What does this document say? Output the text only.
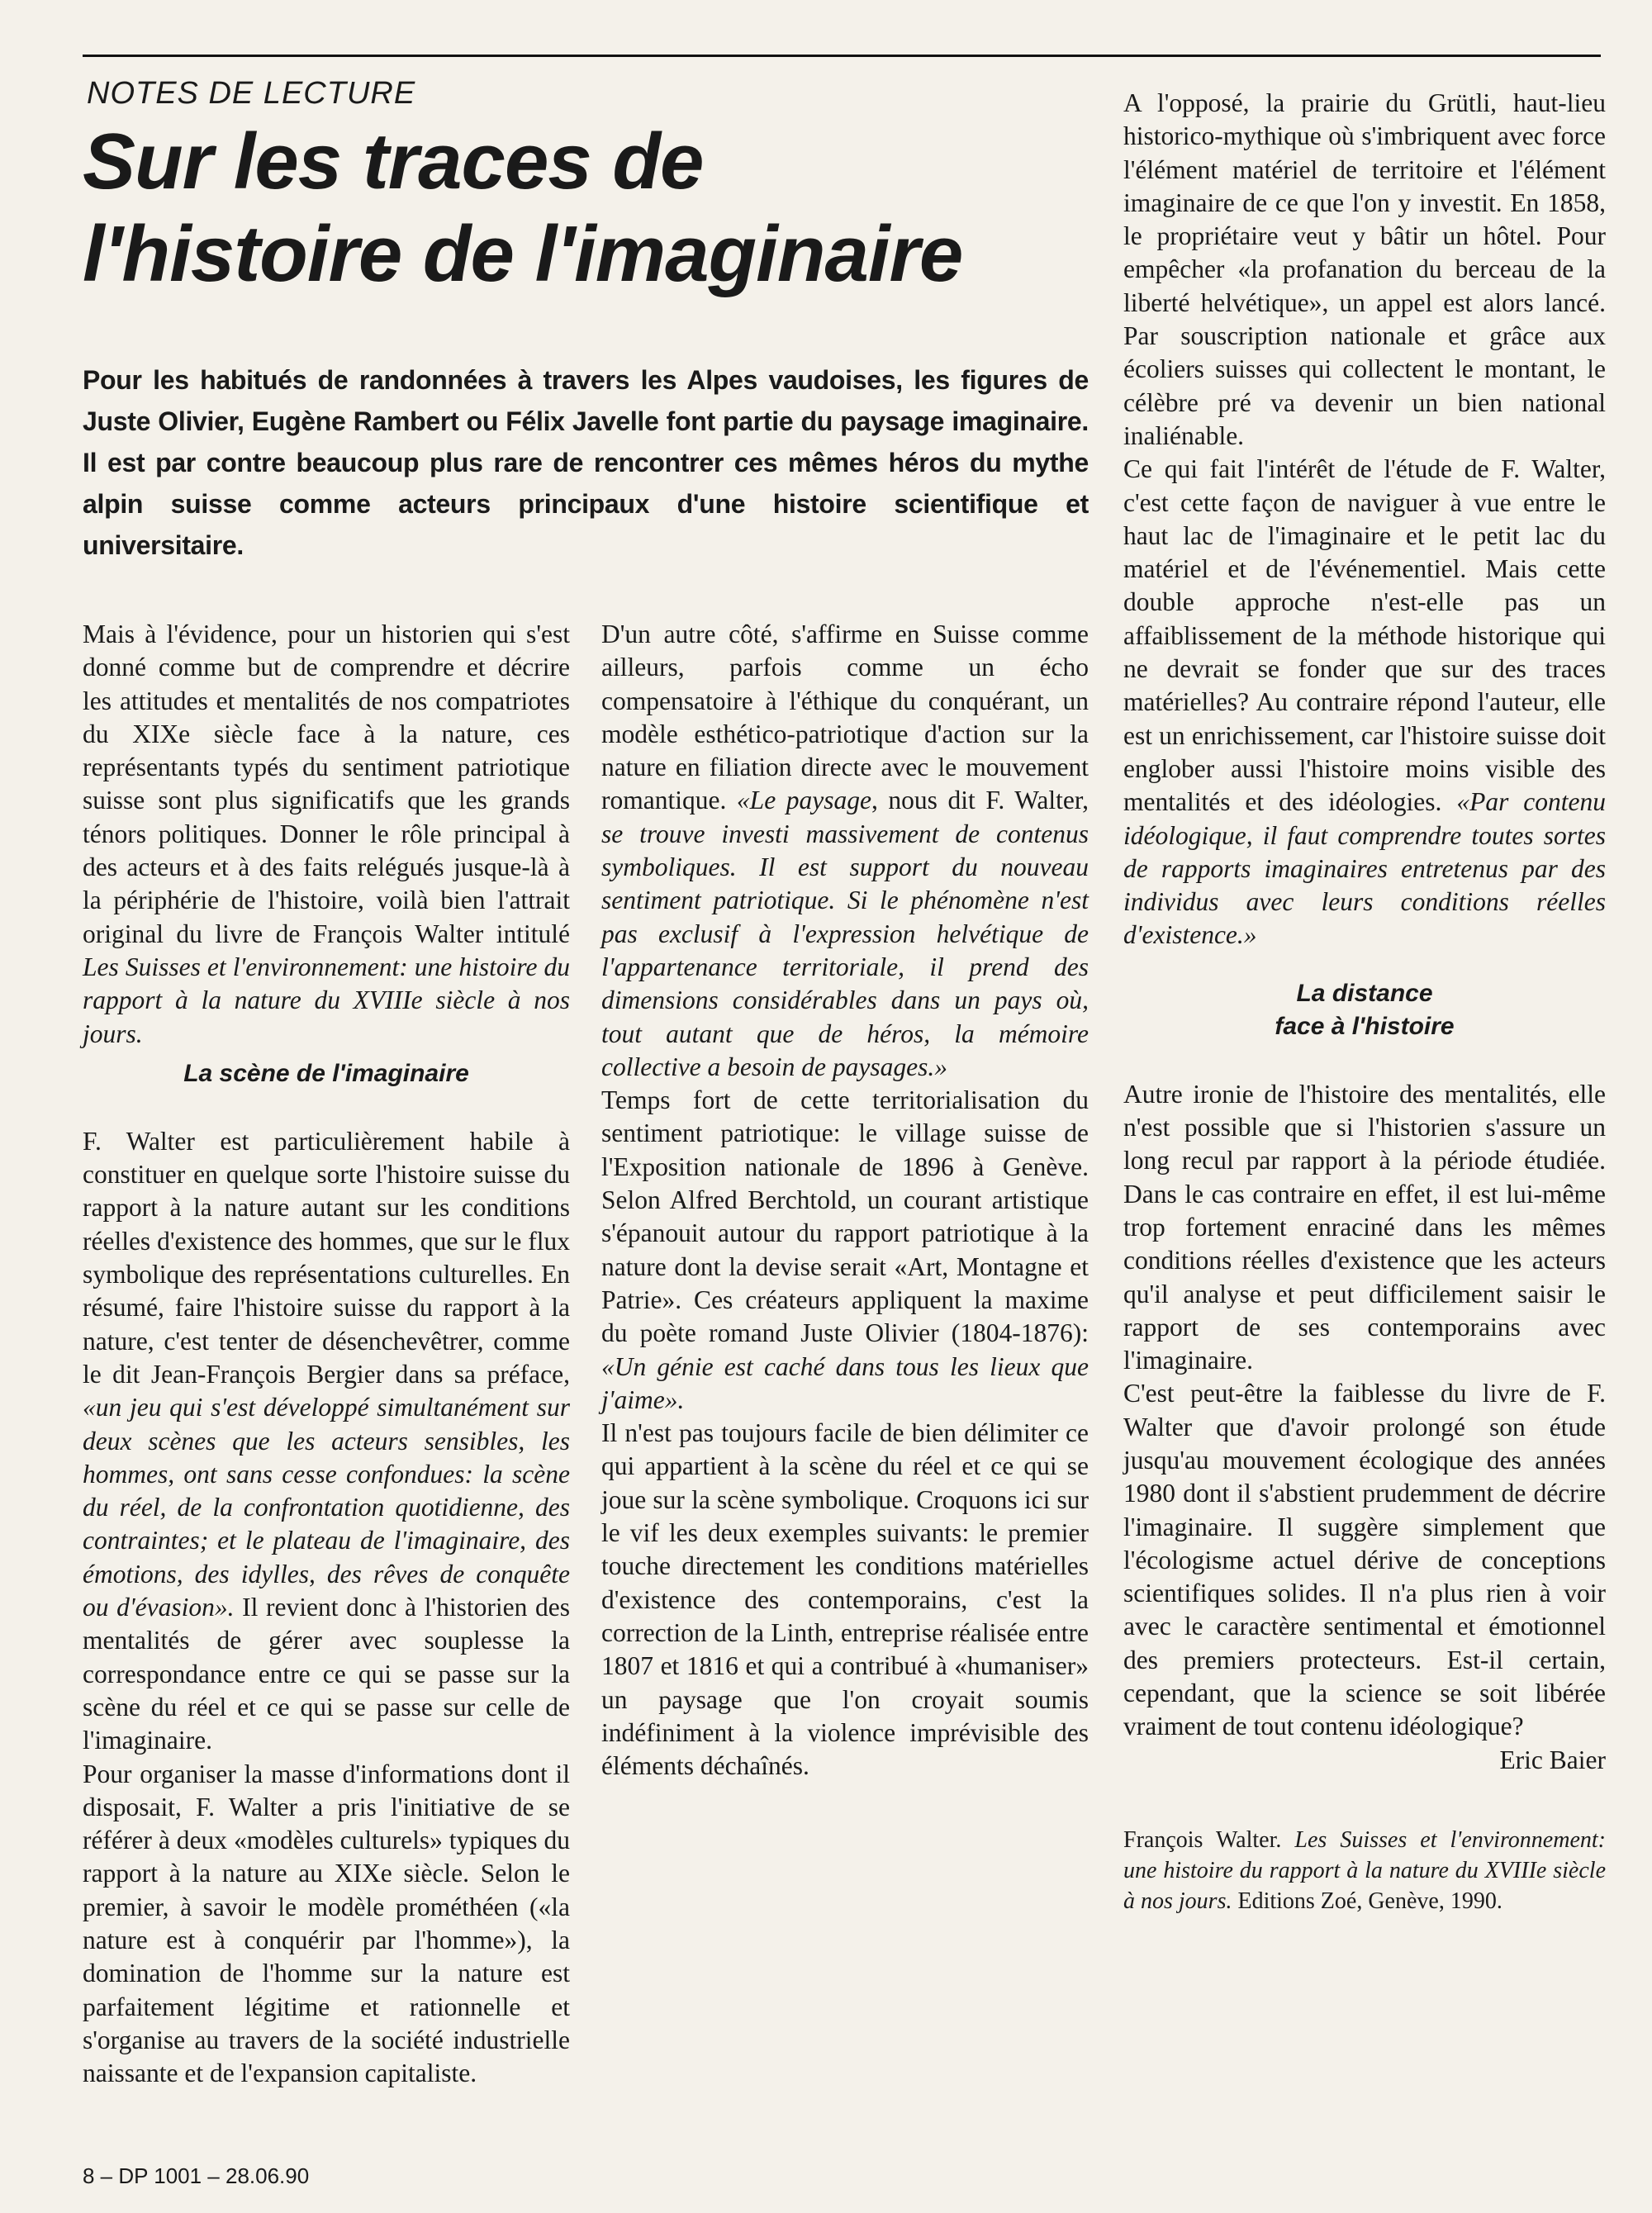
NOTES DE LECTURE
Sur les traces de
l'histoire de l'imaginaire
Pour les habitués de randonnées à travers les Alpes vaudoises, les figures de Juste Olivier, Eugène Rambert ou Félix Javelle font partie du paysage imaginaire. Il est par contre beaucoup plus rare de rencontrer ces mêmes héros du mythe alpin suisse comme acteurs principaux d'une histoire scientifique et universitaire.

Mais à l'évidence, pour un historien qui s'est donné comme but de comprendre et décrire les attitudes et mentalités de nos compatriotes du XIXe siècle face à la nature, ces représentants typés du sentiment patriotique suisse sont plus significatifs que les grands ténors politiques. Donner le rôle principal à des acteurs et à des faits relégués jusque-là à la périphérie de l'histoire, voilà bien l'attrait original du livre de François Walter intitulé Les Suisses et l'environnement: une histoire du rapport à la nature du XVIIIe siècle à nos jours.

La scène de l'imaginaire

F. Walter est particulièrement habile à constituer en quelque sorte l'histoire suisse du rapport à la nature autant sur les conditions réelles d'existence des hommes, que sur le flux symbolique des représentations culturelles. En résumé, faire l'histoire suisse du rapport à la nature, c'est tenter de désenchevêtrer, comme le dit Jean-François Bergier dans sa préface, «un jeu qui s'est développé simultanément sur deux scènes que les acteurs sensibles, les hommes, ont sans cesse confondues: la scène du réel, de la confrontation quotidienne, des contraintes; et le plateau de l'imaginaire, des émotions, des idylles, des rêves de conquête ou d'évasion». Il revient donc à l'historien des mentalités de gérer avec souplesse la correspondance entre ce qui se passe sur la scène du réel et ce qui se passe sur celle de l'imaginaire.

Pour organiser la masse d'informations dont il disposait, F. Walter a pris l'initiative de se référer à deux «modèles culturels» typiques du rapport à la nature au XIXe siècle. Selon le premier, à savoir le modèle prométhéen («la nature est à conquérir par l'homme»), la domination de l'homme sur la nature est parfaitement légitime et rationnelle et s'organise au travers de la société industrielle naissante et de l'expansion capitaliste.

D'un autre côté, s'affirme en Suisse comme ailleurs, parfois comme un écho compensatoire à l'éthique du conquérant, un modèle esthético-patriotique d'action sur la nature en filiation directe avec le mouvement romantique. «Le paysage, nous dit F. Walter, se trouve investi massivement de contenus symboliques. Il est support du nouveau sentiment patriotique. Si le phénomène n'est pas exclusif à l'expression helvétique de l'appartenance territoriale, il prend des dimensions considérables dans un pays où, tout autant que de héros, la mémoire collective a besoin de paysages.»

Temps fort de cette territorialisation du sentiment patriotique: le village suisse de l'Exposition nationale de 1896 à Genève. Selon Alfred Berchtold, un courant artistique s'épanouit autour du rapport patriotique à la nature dont la devise serait «Art, Montagne et Patrie». Ces créateurs appliquent la maxime du poète romand Juste Olivier (1804-1876): «Un génie est caché dans tous les lieux que j'aime».

Il n'est pas toujours facile de bien délimiter ce qui appartient à la scène du réel et ce qui se joue sur la scène symbolique. Croquons ici sur le vif les deux exemples suivants: le premier touche directement les conditions matérielles d'existence des contemporains, c'est la correction de la Linth, entreprise réalisée entre 1807 et 1816 et qui a contribué à «humaniser» un paysage que l'on croyait soumis indéfiniment à la violence imprévisible des éléments déchaînés.

A l'opposé, la prairie du Grütli, haut-lieu historico-mythique où s'imbriquent avec force l'élément matériel de territoire et l'élément imaginaire de ce que l'on y investit. En 1858, le propriétaire veut y bâtir un hôtel. Pour empêcher «la profanation du berceau de la liberté helvétique», un appel est alors lancé. Par souscription nationale et grâce aux écoliers suisses qui collectent le montant, le célèbre pré va devenir un bien national inaliénable.

Ce qui fait l'intérêt de l'étude de F. Walter, c'est cette façon de naviguer à vue entre le haut lac de l'imaginaire et le petit lac du matériel et de l'événementiel. Mais cette double approche n'est-elle pas un affaiblissement de la méthode historique qui ne devrait se fonder que sur des traces matérielles? Au contraire répond l'auteur, elle est un enrichissement, car l'histoire suisse doit englober aussi l'histoire moins visible des mentalités et des idéologies. «Par contenu idéologique, il faut comprendre toutes sortes de rapports imaginaires entretenus par des individus avec leurs conditions réelles d'existence.»

La distance
face à l'histoire

Autre ironie de l'histoire des mentalités, elle n'est possible que si l'historien s'assure un long recul par rapport à la période étudiée. Dans le cas contraire en effet, il est lui-même trop fortement enraciné dans les mêmes conditions réelles d'existence que les acteurs qu'il analyse et peut difficilement saisir le rapport de ses contemporains avec l'imaginaire.

C'est peut-être la faiblesse du livre de F. Walter que d'avoir prolongé son étude jusqu'au mouvement écologique des années 1980 dont il s'abstient prudemment de décrire l'imaginaire. Il suggère simplement que l'écologisme actuel dérive de conceptions scientifiques solides. Il n'a plus rien à voir avec le caractère sentimental et émotionnel des premiers protecteurs. Est-il certain, cependant, que la science se soit libérée vraiment de tout contenu idéologique?

Eric Baier

François Walter. Les Suisses et l'environnement: une histoire du rapport à la nature du XVIIIe siècle à nos jours. Editions Zoé, Genève, 1990.

8 – DP 1001 – 28.06.90
